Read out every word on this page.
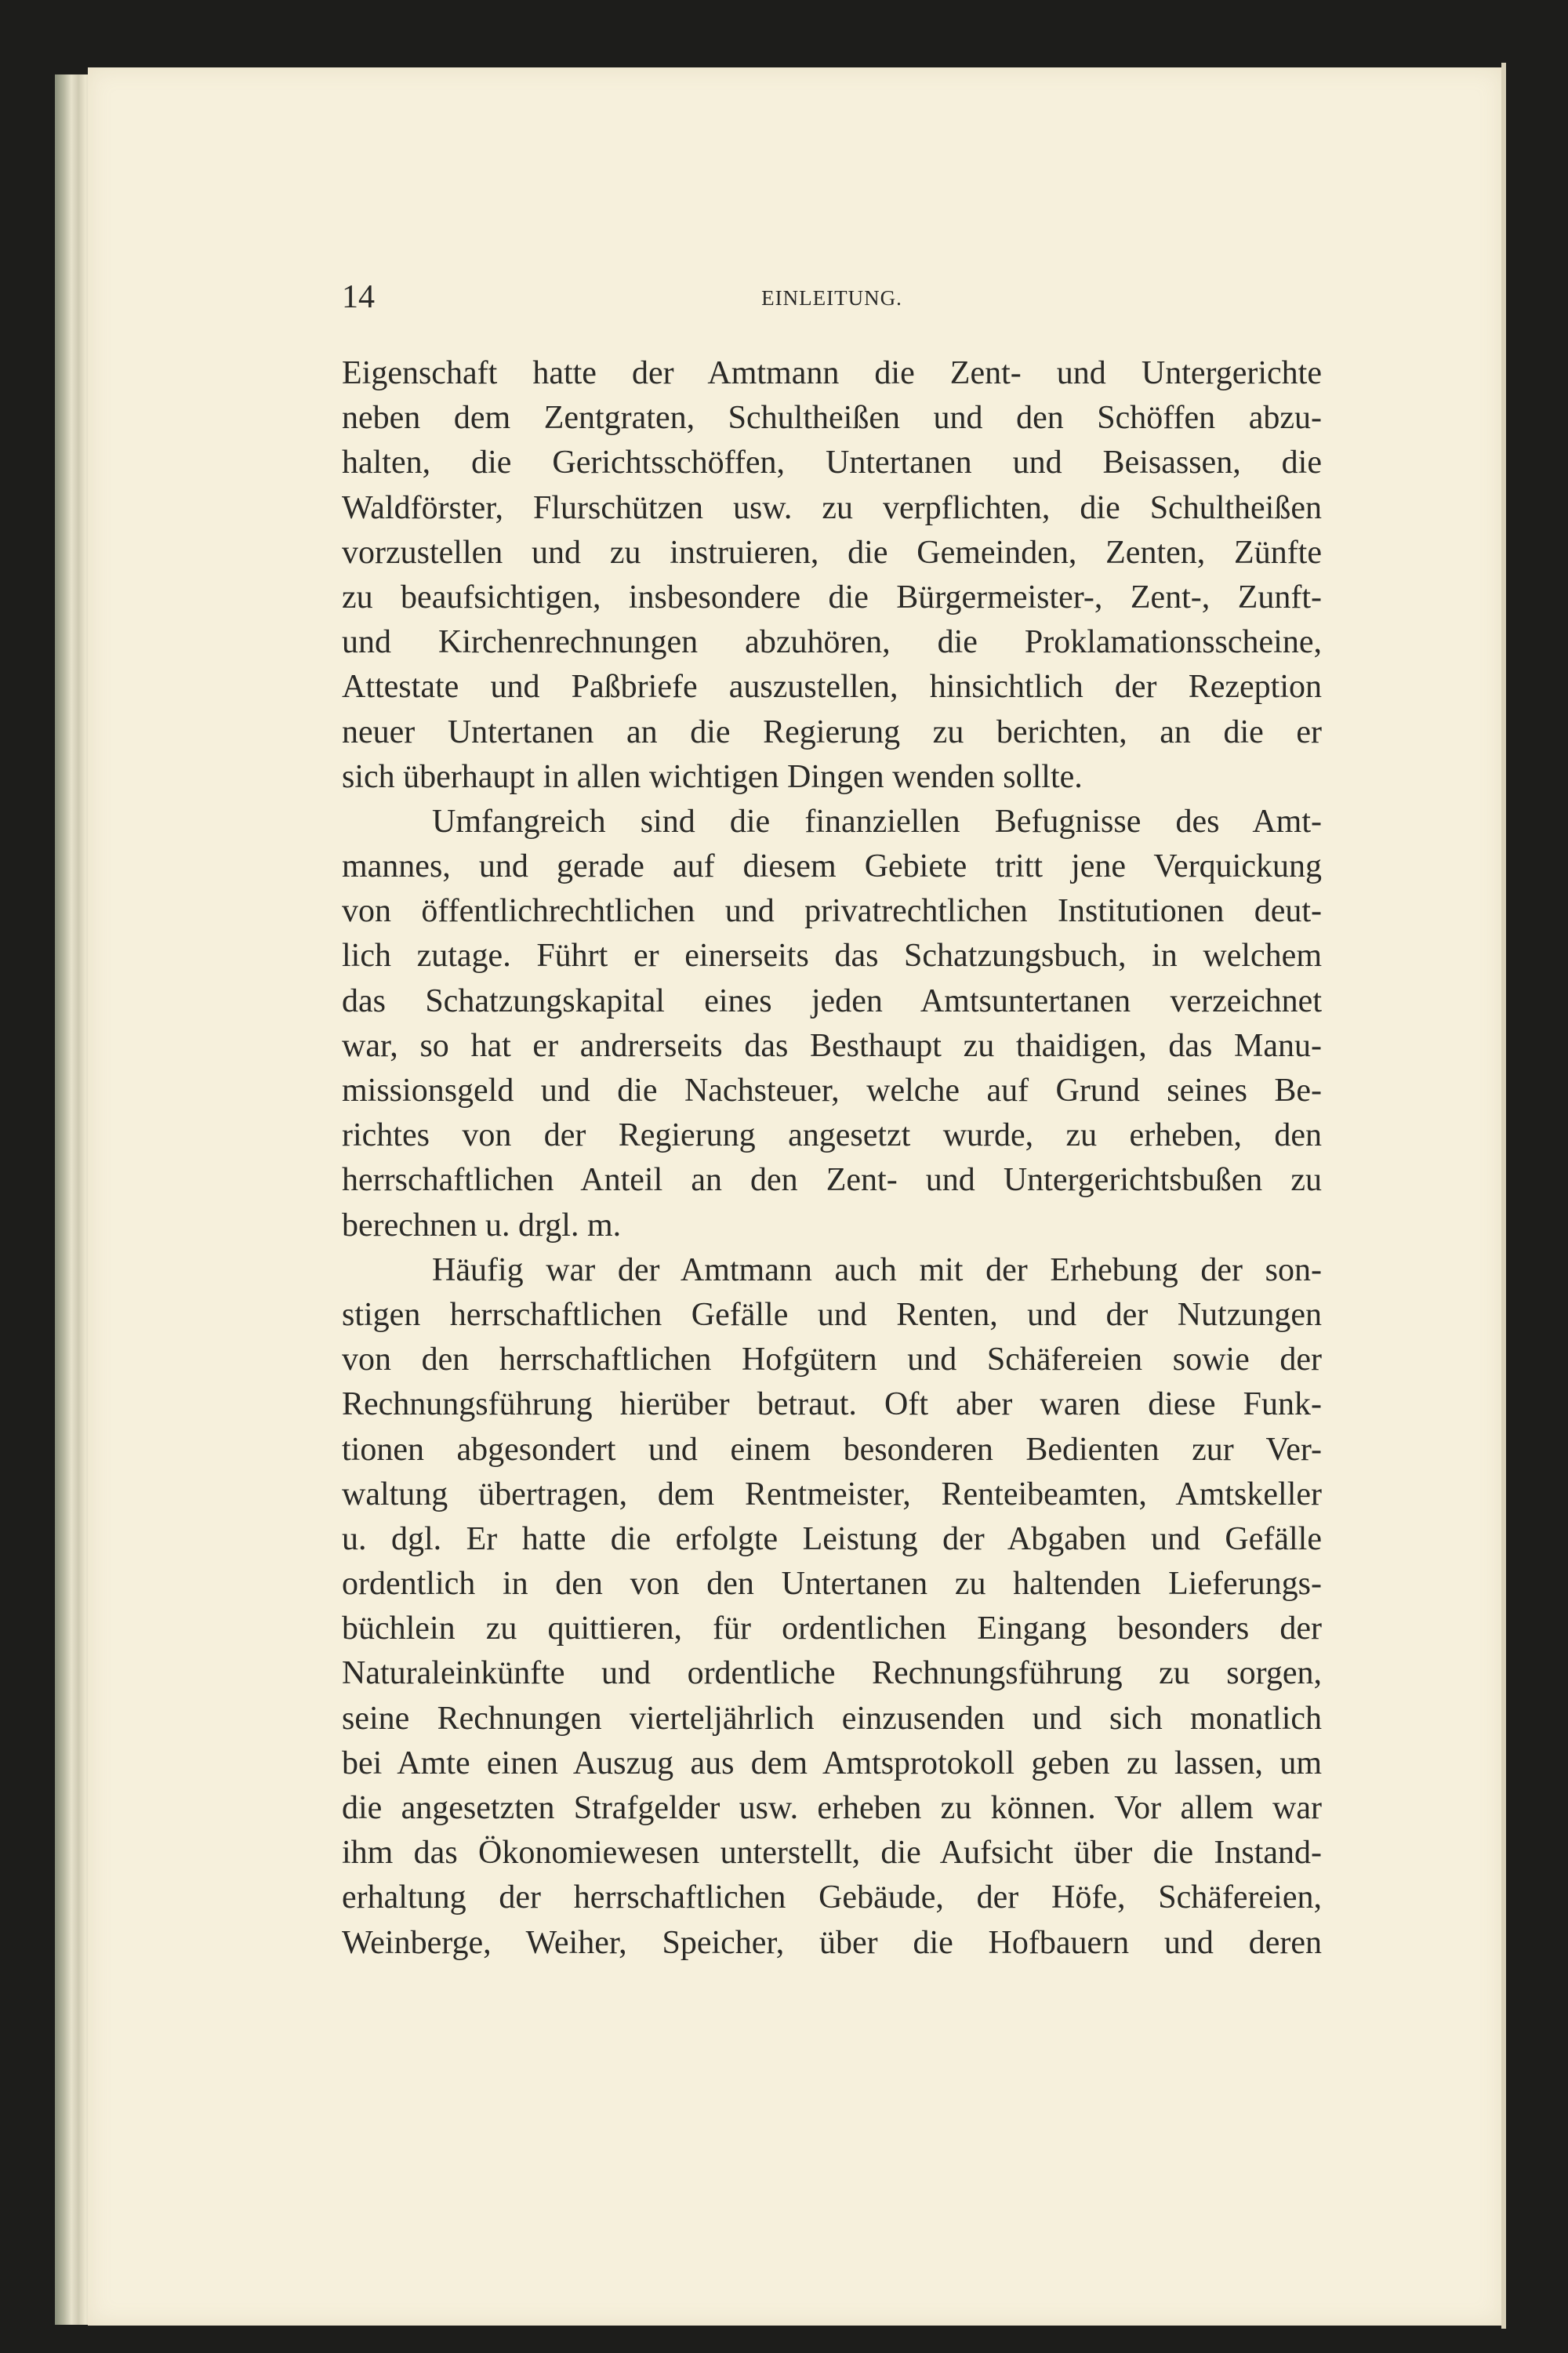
14	EINLEITUNG.
Eigenschaft hatte der Amtmann die Zent- und Untergerichte
neben dem Zentgraten, Schultheißen und den Schöffen abzu-
halten, die Gerichtsschöffen, Untertanen und Beisassen, die
Waldförster, Flurschützen usw. zu verpflichten, die Schultheißen
vorzustellen und zu instruieren, die Gemeinden, Zenten, Zünfte
zu beaufsichtigen, insbesondere die Bürgermeister-, Zent-, Zunft-
und Kirchenrechnungen abzuhören, die Proklamationsscheine,
Attestate und Paßbriefe auszustellen, hinsichtlich der Rezeption
neuer Untertanen an die Regierung zu berichten, an die er
sich überhaupt in allen wichtigen Dingen wenden sollte.
Umfangreich sind die finanziellen Befugnisse des Amt-
mannes, und gerade auf diesem Gebiete tritt jene Verquickung
von öffentlichrechtlichen und privatrechtlichen Institutionen deut-
lich zutage. Führt er einerseits das Schatzungsbuch, in welchem
das Schatzungskapital eines jeden Amtsuntertanen verzeichnet
war, so hat er andrerseits das Besthaupt zu thaidigen, das Manu-
missionsgeld und die Nachsteuer, welche auf Grund seines Be-
richtes von der Regierung angesetzt wurde, zu erheben, den
herrschaftlichen Anteil an den Zent- und Untergerichtsbußen zu
berechnen u. drgl. m.
Häufig war der Amtmann auch mit der Erhebung der son-
stigen herrschaftlichen Gefälle und Renten, und der Nutzungen
von den herrschaftlichen Hofgütern und Schäfereien sowie der
Rechnungsführung hierüber betraut. Oft aber waren diese Funk-
tionen abgesondert und einem besonderen Bedienten zur Ver-
waltung übertragen, dem Rentmeister, Renteibeamten, Amtskeller
u. dgl. Er hatte die erfolgte Leistung der Abgaben und Gefälle
ordentlich in den von den Untertanen zu haltenden Lieferungs-
büchlein zu quittieren, für ordentlichen Eingang besonders der
Naturaleinkünfte und ordentliche Rechnungsführung zu sorgen,
seine Rechnungen vierteljährlich einzusenden und sich monatlich
bei Amte einen Auszug aus dem Amtsprotokoll geben zu lassen, um
die angesetzten Strafgelder usw. erheben zu können. Vor allem war
ihm das Ökonomiewesen unterstellt, die Aufsicht über die Instand-
erhaltung der herrschaftlichen Gebäude, der Höfe, Schäfereien,
Weinberge, Weiher, Speicher, über die Hofbauern und deren
